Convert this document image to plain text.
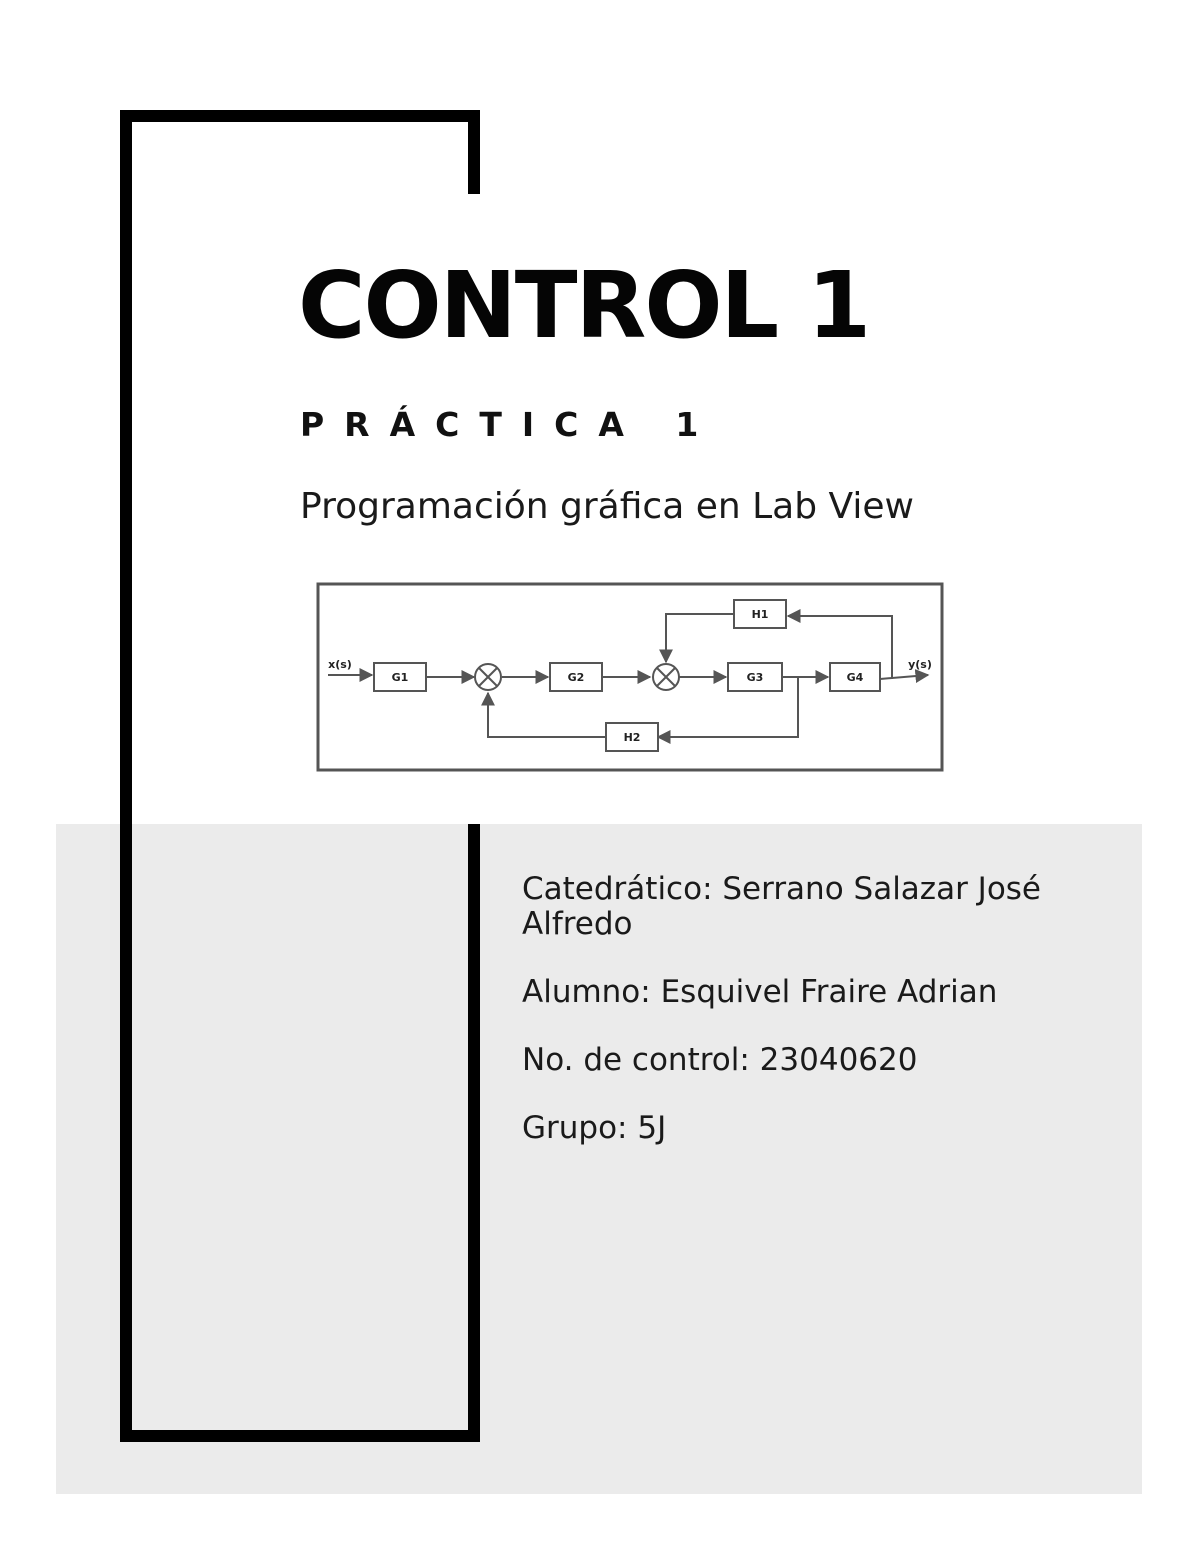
CONTROL 1
PRÁCTICA 1

Programación gráfica en Lab View

G1	G2	G3	G4
H1
H2
x(s)	y(s)

Catedrático: Serrano Salazar José Alfredo

Alumno: Esquivel Fraire Adrian

No. de control: 23040620

Grupo: 5J
